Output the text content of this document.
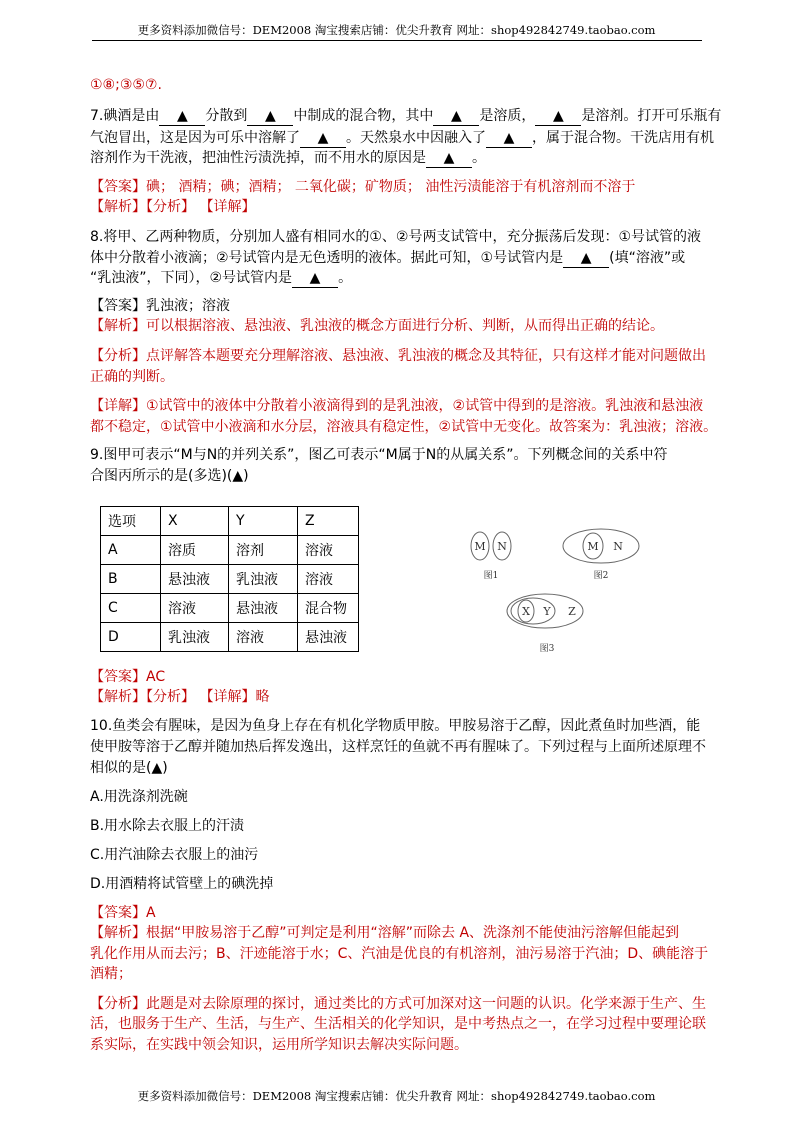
更多资料添加微信号：DEM2008 淘宝搜索店铺：优尖升教育 网址：shop492842749.taobao.com
①⑧;③⑤⑦.
7.碘酒是由 ▲ 分散到 ▲ 中制成的混合物，其中 ▲ 是溶质， ▲ 是溶剂。打开可乐瓶有
气泡冒出，这是因为可乐中溶解了 ▲ 。天然泉水中因融入了 ▲ ，属于混合物。干洗店用有机
溶剂作为干洗液，把油性污渍洗掉，而不用水的原因是 ▲ 。
【答案】碘； 酒精；碘；酒精； 二氧化碳；矿物质； 油性污渍能溶于有机溶剂而不溶于
【解析】【分析】 【详解】
8.将甲、乙两种物质，分别加人盛有相同水的①、②号两支试管中，充分振荡后发现：①号试管的液
体中分散着小液滴；②号试管内是无色透明的液体。据此可知，①号试管内是 ▲ (填“溶液”或
“乳浊液”，下同），②号试管内是 ▲ 。
【答案】乳浊液；溶液
【解析】可以根据溶液、悬浊液、乳浊液的概念方面进行分析、判断，从而得出正确的结论。
【分析】点评解答本题要充分理解溶液、悬浊液、乳浊液的概念及其特征，只有这样才能对问题做出
正确的判断。
【详解】①试管中的液体中分散着小液滴得到的是乳浊液，②试管中得到的是溶液。乳浊液和悬浊液
都不稳定，①试管中小液滴和水分层，溶液具有稳定性，②试管中无变化。故答案为：乳浊液；溶液。
9.图甲可表示“M与N的并列关系”，图乙可表示“M属于N的从属关系”。下列概念间的关系中符
合图丙所示的是(多选)(▲)
选项	X	Y	Z
A	溶质	溶剂	溶液
B	悬浊液	乳浊液	溶液
C	溶液	悬浊液	混合物
D	乳浊液	溶液	悬浊液
M N	M N
X Y Z
图1	图2
图3
【答案】AC
【解析】【分析】 【详解】略
10.鱼类会有腥味，是因为鱼身上存在有机化学物质甲胺。甲胺易溶于乙醇，因此煮鱼时加些酒，能
使甲胺等溶于乙醇并随加热后挥发逸出，这样烹饪的鱼就不再有腥味了。下列过程与上面所述原理不
相似的是(▲)
A.用洗涤剂洗碗
B.用水除去衣服上的汗渍
C.用汽油除去衣服上的油污
D.用酒精将试管壁上的碘洗掉
【答案】A
【解析】根据“甲胺易溶于乙醇”可判定是利用“溶解”而除去 A、洗涤剂不能使油污溶解但能起到
乳化作用从而去污；B、汗迹能溶于水；C、汽油是优良的有机溶剂，油污易溶于汽油；D、碘能溶于
酒精；
【分析】此题是对去除原理的探讨，通过类比的方式可加深对这一问题的认识。化学来源于生产、生
活，也服务于生产、生活，与生产、生活相关的化学知识，是中考热点之一，在学习过程中要理论联
系实际，在实践中领会知识，运用所学知识去解决实际问题。
更多资料添加微信号：DEM2008 淘宝搜索店铺：优尖升教育 网址：shop492842749.taobao.com
